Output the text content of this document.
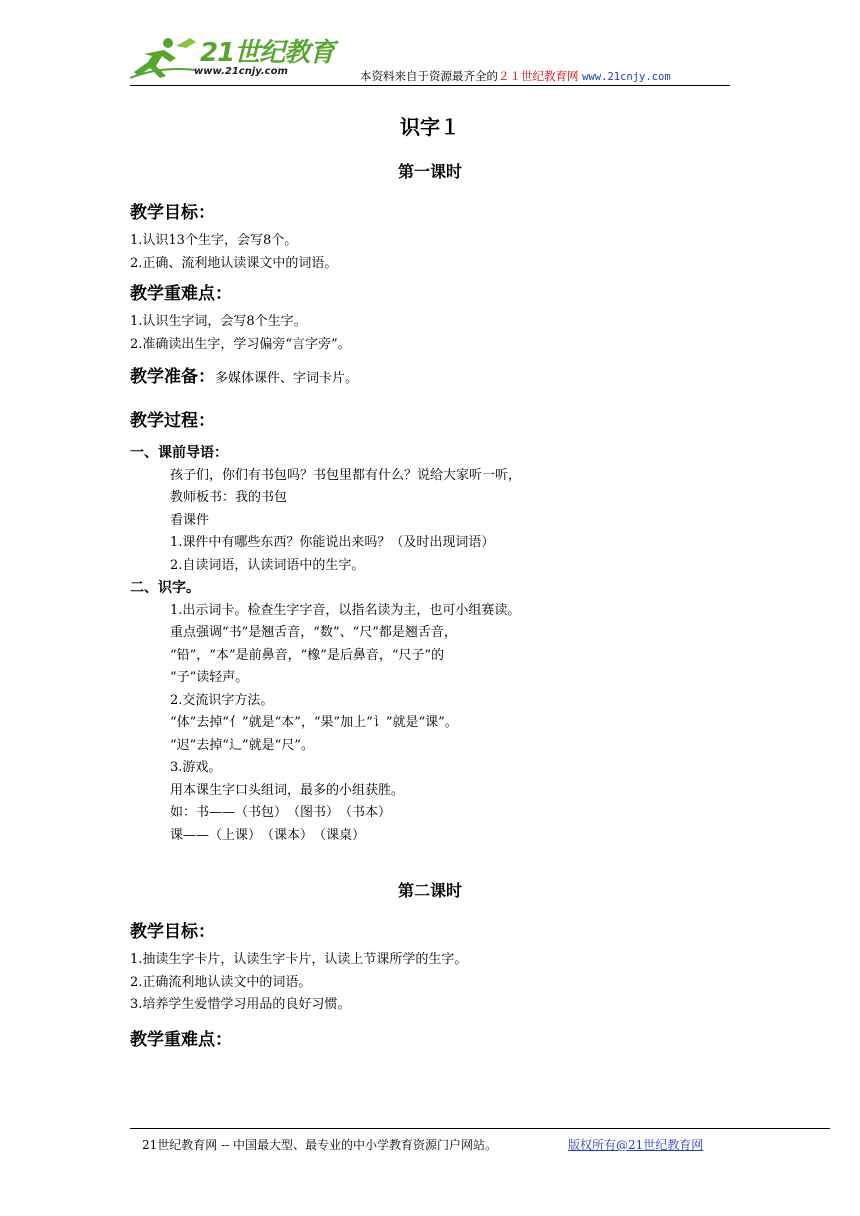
21世纪教育
www.21cnjy.com	本资料来自于资源最齐全的２１世纪教育网 www.21cnjy.com
识字１
第一课时
教学目标：
1.认识13个生字，会写8个。
2.正确、流利地认读课文中的词语。
教学重难点：
1.认识生字词，会写8个生字。
2.准确读出生字，学习偏旁“言字旁”。
教学准备：多媒体课件、字词卡片。
教学过程：
一、课前导语：
孩子们，你们有书包吗？书包里都有什么？说给大家听一听，
教师板书：我的书包
看课件
1.课件中有哪些东西？你能说出来吗？（及时出现词语）
2.自读词语，认读词语中的生字。
二、识字。
1.出示词卡。检查生字字音，以指名读为主，也可小组赛读。
重点强调“书”是翘舌音，“数”、“尺”都是翘舌音，
“铅”，“本”是前鼻音，“橡”是后鼻音，“尺子”的
“子”读轻声。
2.交流识字方法。
“体”去掉“亻”就是“本”，“果”加上“讠”就是“课”。
“迟”去掉“辶”就是“尺”。
3.游戏。
用本课生字口头组词，最多的小组获胜。
如：书——（书包）　（图书）　（书本）
课——（上课）　（课本）　（课桌）
第二课时
教学目标：
1.抽读生字卡片，认读生字卡片，认读上节课所学的生字。
2.正确流利地认读文中的词语。
3.培养学生爱惜学习用品的良好习惯。
教学重难点：
21世纪教育网 -- 中国最大型、最专业的中小学教育资源门户网站。	版权所有@21世纪教育网
